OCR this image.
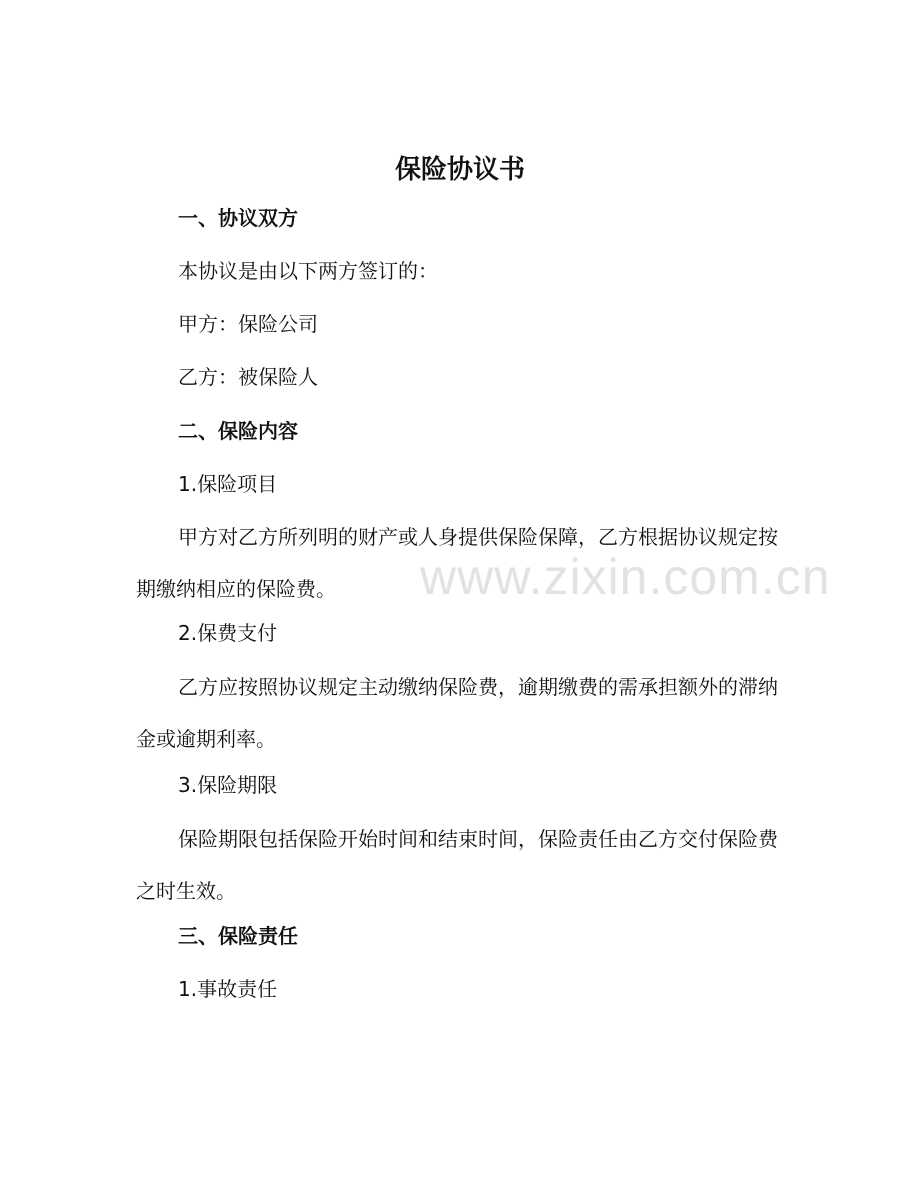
保险协议书

一、协议双方

本协议是由以下两方签订的：

甲方：保险公司

乙方：被保险人

二、保险内容

1.保险项目

甲方对乙方所列明的财产或人身提供保险保障，乙方根据协议规定按期缴纳相应的保险费。

2.保费支付

乙方应按照协议规定主动缴纳保险费，逾期缴费的需承担额外的滞纳金或逾期利率。

3.保险期限

保险期限包括保险开始时间和结束时间，保险责任由乙方交付保险费之时生效。

三、保险责任

1.事故责任

www.zixin.com.cn
